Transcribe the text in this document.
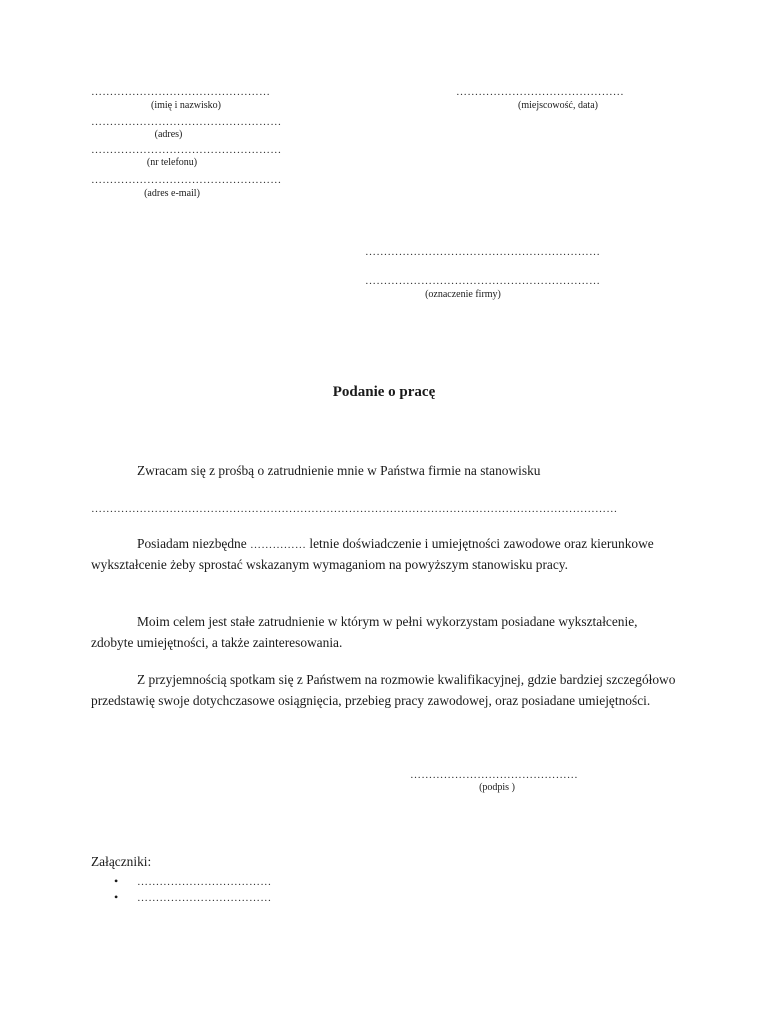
…………………………………………
(imię i nazwisko)
……………………………………………
(adres)
……………………………………………
(nr telefonu)
……………………………………………
(adres e-mail)
………………………………………
(miejscowość, data)
………………………………………………………
………………………………………………………
(oznaczenie firmy)
Podanie o pracę
Zwracam się z prośbą o zatrudnienie mnie w Państwa firmie na stanowisku
……………………………………………………………………………………………………………………………
Posiadam niezbędne …………… letnie doświadczenie i umiejętności zawodowe oraz kierunkowe wykształcenie żeby sprostać wskazanym wymaganiom na powyższym stanowisku pracy.
Moim celem jest stałe zatrudnienie w którym w pełni wykorzystam posiadane wykształcenie, zdobyte umiejętności, a także zainteresowania.
Z przyjemnością spotkam się z Państwem na rozmowie kwalifikacyjnej, gdzie bardziej szczegółowo przedstawię swoje dotychczasowe osiągnięcia, przebieg pracy zawodowej, oraz posiadane umiejętności.
………………………………………
(podpis )
Załączniki:
• ………………………………
• ………………………………
